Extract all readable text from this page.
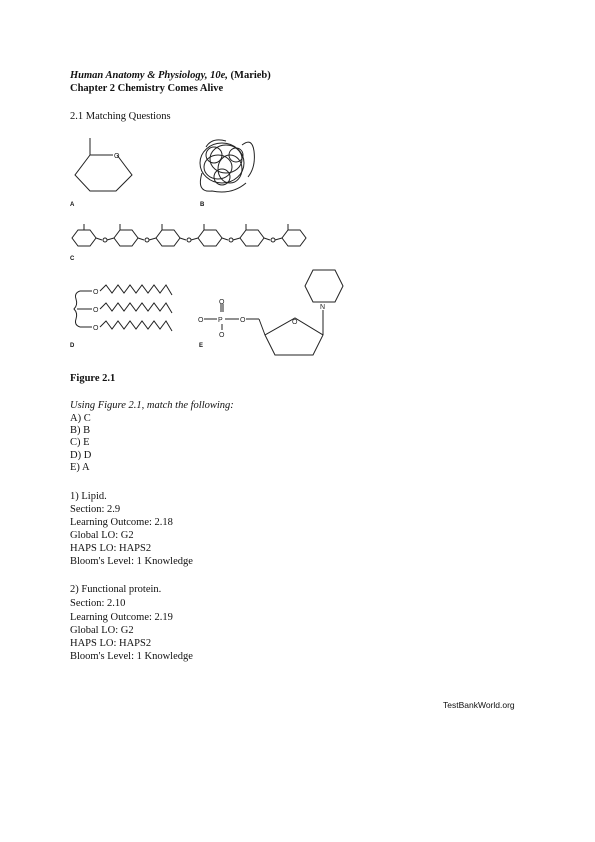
Human Anatomy & Physiology, 10e, (Marieb)
Chapter 2 Chemistry Comes Alive
2.1 Matching Questions
O
A	B
C
O
O
O
D
O P
O
O
O	O
N
E
Figure 2.1
Using Figure 2.1, match the following:
A) C
B) B
C) E
D) D
E) A
1) Lipid.
Section: 2.9
Learning Outcome: 2.18
Global LO: G2
HAPS LO: HAPS2
Bloom's Level: 1 Knowledge
2) Functional protein.
Section: 2.10
Learning Outcome: 2.19
Global LO: G2
HAPS LO: HAPS2
Bloom's Level: 1 Knowledge
TestBankWorld.org
